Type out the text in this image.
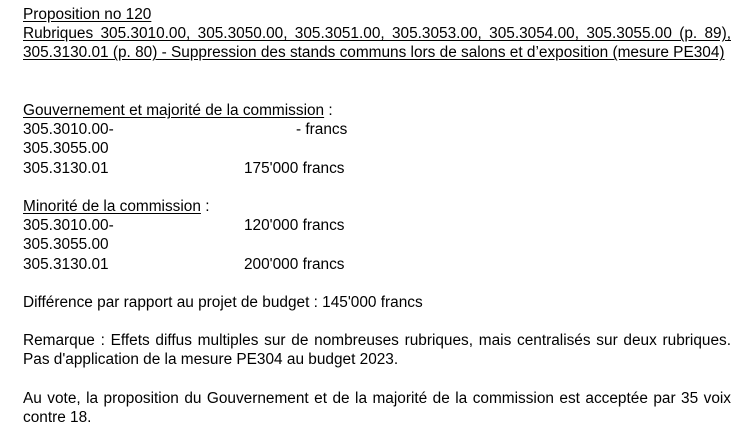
Proposition no 120

Rubriques 305.3010.00, 305.3050.00, 305.3051.00, 305.3053.00, 305.3054.00, 305.3055.00 (p. 89), 305.3130.01 (p. 80) - Suppression des stands communs lors de salons et d’exposition (mesure PE304)

Gouvernement et majorité de la commission :

305.3010.00-	- francs
305.3055.00
305.3130.01	175'000 francs

Minorité de la commission :

305.3010.00-	120'000 francs
305.3055.00
305.3130.01	200'000 francs

Différence par rapport au projet de budget : 145'000 francs

Remarque : Effets diffus multiples sur de nombreuses rubriques, mais centralisés sur deux rubriques. Pas d'application de la mesure PE304 au budget 2023.

Au vote, la proposition du Gouvernement et de la majorité de la commission est acceptée par 35 voix contre 18.
